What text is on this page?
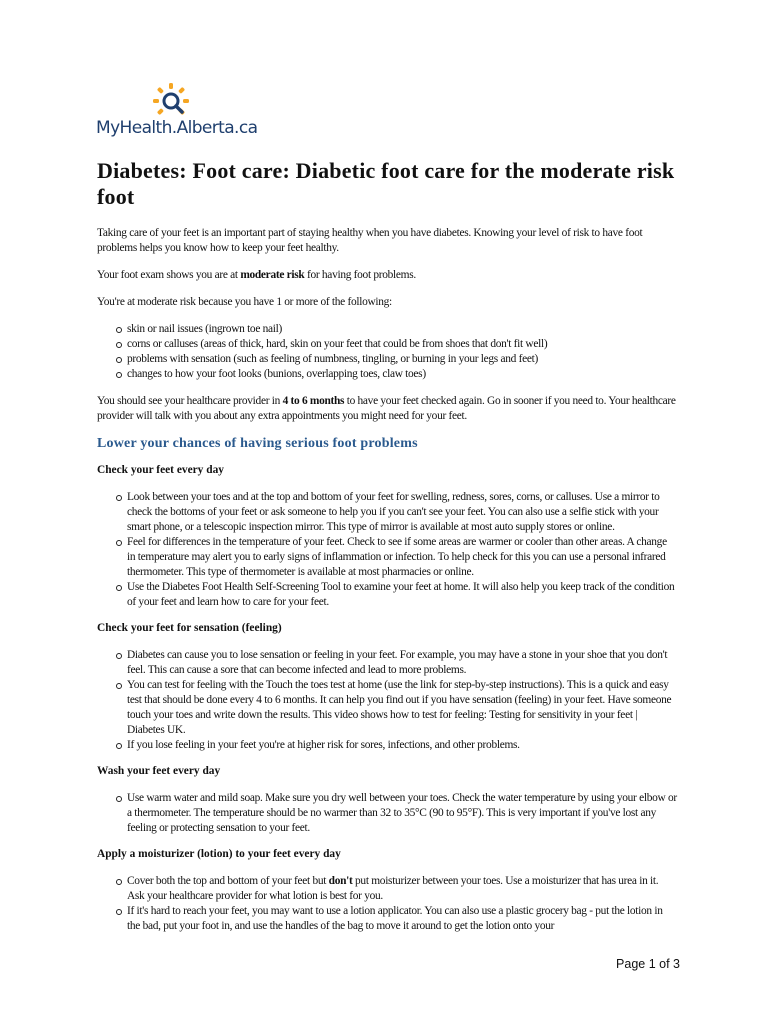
MyHealth.Alberta.ca
Diabetes: Foot care: Diabetic foot care for the moderate risk foot

Taking care of your feet is an important part of staying healthy when you have diabetes. Knowing your level of risk to have foot problems helps you know how to keep your feet healthy.

Your foot exam shows you are at moderate risk for having foot problems.

You're at moderate risk because you have 1 or more of the following:

skin or nail issues (ingrown toe nail)
corns or calluses (areas of thick, hard, skin on your feet that could be from shoes that don't fit well)
problems with sensation (such as feeling of numbness, tingling, or burning in your legs and feet)
changes to how your foot looks (bunions, overlapping toes, claw toes)

You should see your healthcare provider in 4 to 6 months to have your feet checked again. Go in sooner if you need to. Your healthcare provider will talk with you about any extra appointments you might need for your feet.

Lower your chances of having serious foot problems
Check your feet every day
Look between your toes and at the top and bottom of your feet for swelling, redness, sores, corns, or calluses. Use a mirror to check the bottoms of your feet or ask someone to help you if you can't see your feet. You can also use a selfie stick with your smart phone, or a telescopic inspection mirror. This type of mirror is available at most auto supply stores or online.
Feel for differences in the temperature of your feet. Check to see if some areas are warmer or cooler than other areas. A change in temperature may alert you to early signs of inflammation or infection. To help check for this you can use a personal infrared thermometer. This type of thermometer is available at most pharmacies or online.
Use the Diabetes Foot Health Self-Screening Tool to examine your feet at home. It will also help you keep track of the condition of your feet and learn how to care for your feet.
Check your feet for sensation (feeling)
Diabetes can cause you to lose sensation or feeling in your feet. For example, you may have a stone in your shoe that you don't feel. This can cause a sore that can become infected and lead to more problems.
You can test for feeling with the Touch the toes test at home (use the link for step-by-step instructions). This is a quick and easy test that should be done every 4 to 6 months. It can help you find out if you have sensation (feeling) in your feet. Have someone touch your toes and write down the results. This video shows how to test for feeling: Testing for sensitivity in your feet | Diabetes UK.
If you lose feeling in your feet you're at higher risk for sores, infections, and other problems.
Wash your feet every day
Use warm water and mild soap. Make sure you dry well between your toes. Check the water temperature by using your elbow or a thermometer. The temperature should be no warmer than 32 to 35°C (90 to 95°F). This is very important if you've lost any feeling or protecting sensation to your feet.
Apply a moisturizer (lotion) to your feet every day
Cover both the top and bottom of your feet but don't put moisturizer between your toes. Use a moisturizer that has urea in it. Ask your healthcare provider for what lotion is best for you.
If it's hard to reach your feet, you may want to use a lotion applicator. You can also use a plastic grocery bag - put the lotion in the bad, put your foot in, and use the handles of the bag to move it around to get the lotion onto your
Page 1 of 3
